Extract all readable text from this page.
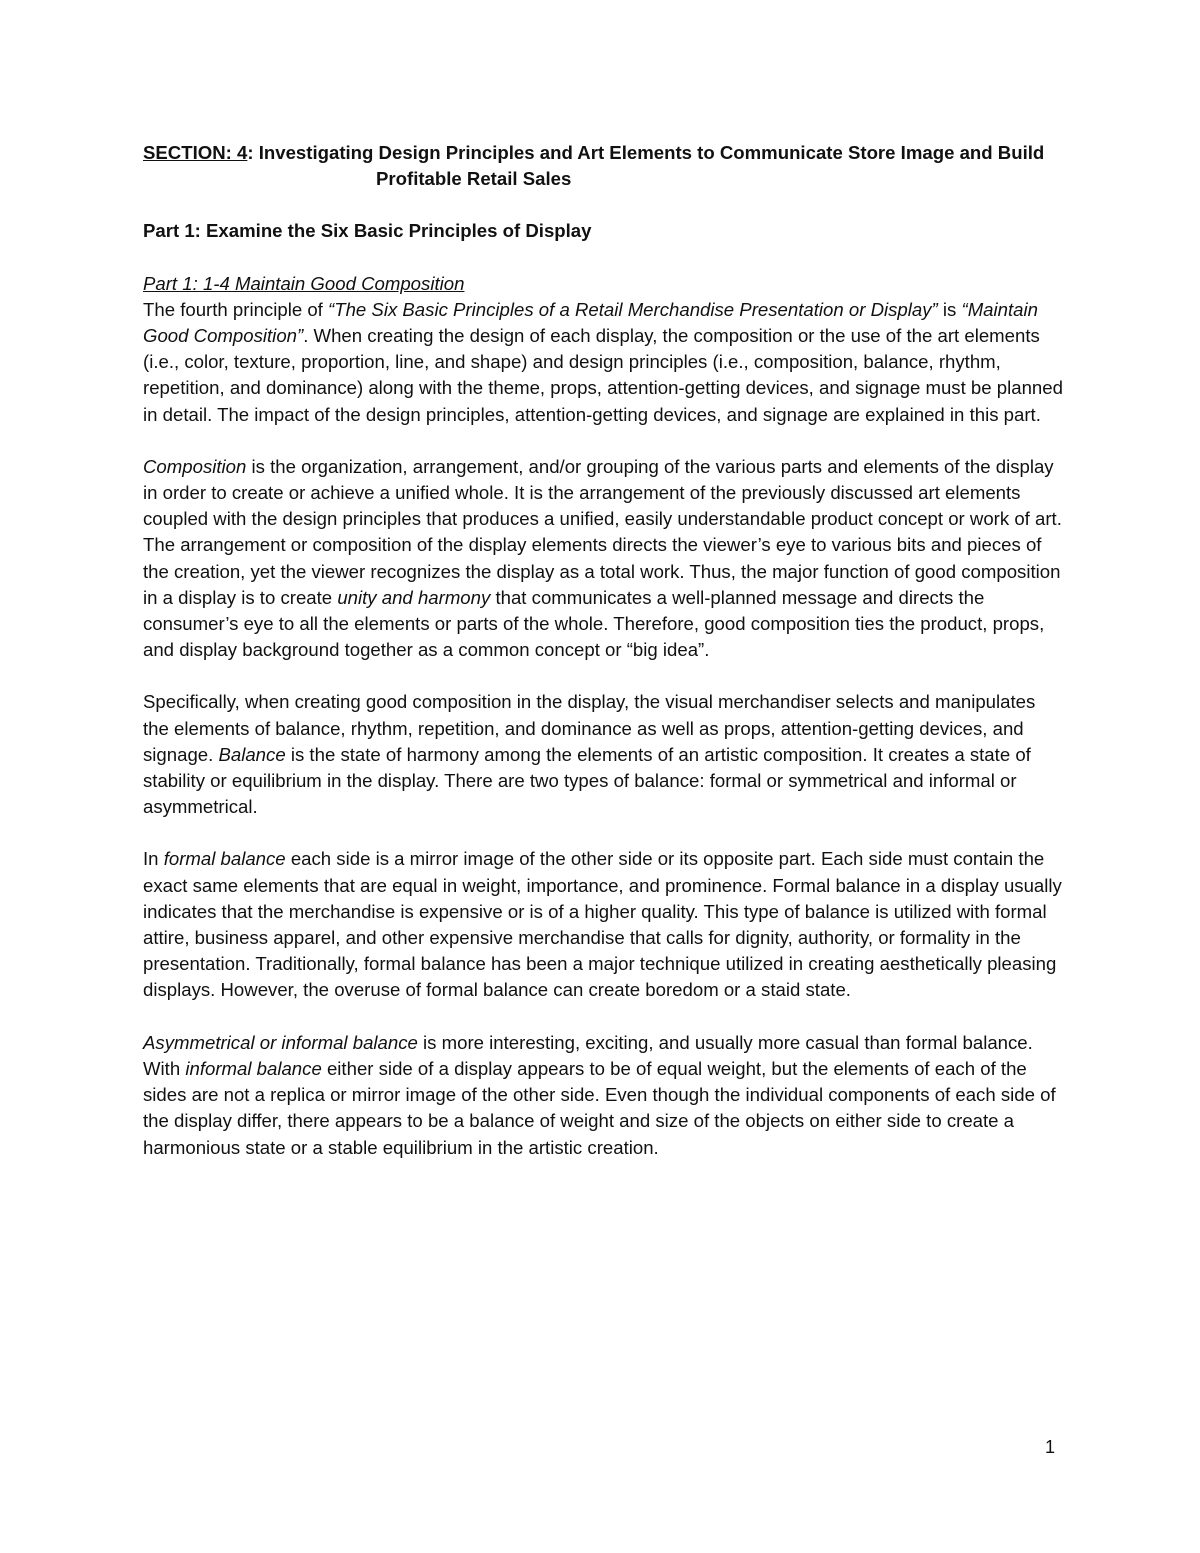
SECTION: 4: Investigating Design Principles and Art Elements to Communicate Store Image and Build
Profitable Retail Sales
Part 1: Examine the Six Basic Principles of Display
Part 1: 1-4 Maintain Good Composition

The fourth principle of “The Six Basic Principles of a Retail Merchandise Presentation or Display” is “Maintain Good Composition”. When creating the design of each display, the composition or the use of the art elements (i.e., color, texture, proportion, line, and shape) and design principles (i.e., composition, balance, rhythm, repetition, and dominance) along with the theme, props, attention-getting devices, and signage must be planned in detail. The impact of the design principles, attention-getting devices, and signage are explained in this part.

Composition is the organization, arrangement, and/or grouping of the various parts and elements of the display in order to create or achieve a unified whole. It is the arrangement of the previously discussed art elements coupled with the design principles that produces a unified, easily understandable product concept or work of art. The arrangement or composition of the display elements directs the viewer’s eye to various bits and pieces of the creation, yet the viewer recognizes the display as a total work. Thus, the major function of good composition in a display is to create unity and harmony that communicates a well-planned message and directs the consumer’s eye to all the elements or parts of the whole. Therefore, good composition ties the product, props, and display background together as a common concept or “big idea”.

Specifically, when creating good composition in the display, the visual merchandiser selects and manipulates the elements of balance, rhythm, repetition, and dominance as well as props, attention-getting devices, and signage. Balance is the state of harmony among the elements of an artistic composition. It creates a state of stability or equilibrium in the display. There are two types of balance: formal or symmetrical and informal or asymmetrical.

In formal balance each side is a mirror image of the other side or its opposite part. Each side must contain the exact same elements that are equal in weight, importance, and prominence. Formal balance in a display usually indicates that the merchandise is expensive or is of a higher quality. This type of balance is utilized with formal attire, business apparel, and other expensive merchandise that calls for dignity, authority, or formality in the presentation. Traditionally, formal balance has been a major technique utilized in creating aesthetically pleasing displays. However, the overuse of formal balance can create boredom or a staid state.

Asymmetrical or informal balance is more interesting, exciting, and usually more casual than formal balance. With informal balance either side of a display appears to be of equal weight, but the elements of each of the sides are not a replica or mirror image of the other side. Even though the individual components of each side of the display differ, there appears to be a balance of weight and size of the objects on either side to create a harmonious state or a stable equilibrium in the artistic creation.

1
